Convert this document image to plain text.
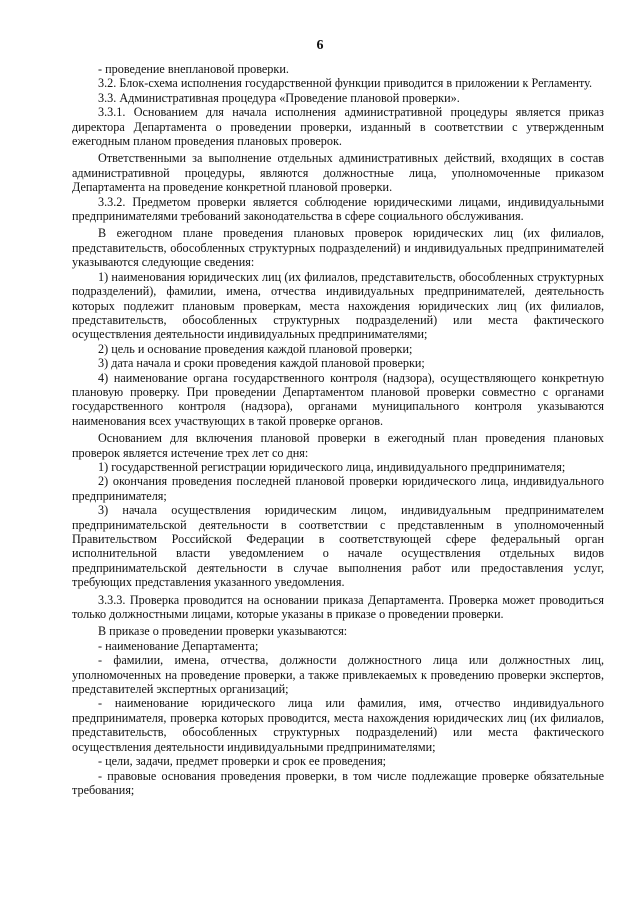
6

- проведение внеплановой проверки.

3.2. Блок-схема исполнения государственной функции приводится в приложении к Регламенту.

3.3. Административная процедура «Проведение плановой проверки».

3.3.1. Основанием для начала исполнения административной процедуры является приказ директора Департамента о проведении проверки, изданный в соответствии с утвержденным ежегодным планом проведения плановых проверок.

Ответственными за выполнение отдельных административных действий, входящих в состав административной процедуры, являются должностные лица, уполномоченные приказом Департамента на проведение конкретной плановой проверки.

3.3.2. Предметом проверки является соблюдение юридическими лицами, индивидуальными предпринимателями требований законодательства в сфере социального обслуживания.

В ежегодном плане проведения плановых проверок юридических лиц (их филиалов, представительств, обособленных структурных подразделений) и индивидуальных предпринимателей указываются следующие сведения:

1) наименования юридических лиц (их филиалов, представительств, обособленных структурных подразделений), фамилии, имена, отчества индивидуальных предпринимателей, деятельность которых подлежит плановым проверкам, места нахождения юридических лиц (их филиалов, представительств, обособленных структурных подразделений) или места фактического осуществления деятельности индивидуальных предпринимателями;

2) цель и основание проведения каждой плановой проверки;

3) дата начала и сроки проведения каждой плановой проверки;

4) наименование органа государственного контроля (надзора), осуществляющего конкретную плановую проверку. При проведении Департаментом плановой проверки совместно с органами государственного контроля (надзора), органами муниципального контроля указываются наименования всех участвующих в такой проверке органов.

Основанием для включения плановой проверки в ежегодный план проведения плановых проверок является истечение трех лет со дня:

1) государственной регистрации юридического лица, индивидуального предпринимателя;

2) окончания проведения последней плановой проверки юридического лица, индивидуального предпринимателя;

3) начала осуществления юридическим лицом, индивидуальным предпринимателем предпринимательской деятельности в соответствии с представленным в уполномоченный Правительством Российской Федерации в соответствующей сфере федеральный орган исполнительной власти уведомлением о начале осуществления отдельных видов предпринимательской деятельности в случае выполнения работ или предоставления услуг, требующих представления указанного уведомления.

3.3.3. Проверка проводится на основании приказа Департамента. Проверка может проводиться только должностными лицами, которые указаны в приказе о проведении проверки.

В приказе о проведении проверки указываются:

- наименование Департамента;

- фамилии, имена, отчества, должности должностного лица или должностных лиц, уполномоченных на проведение проверки, а также привлекаемых к проведению проверки экспертов, представителей экспертных организаций;

- наименование юридического лица или фамилия, имя, отчество индивидуального предпринимателя, проверка которых проводится, места нахождения юридических лиц (их филиалов, представительств, обособленных структурных подразделений) или места фактического осуществления деятельности индивидуальными предпринимателями;

- цели, задачи, предмет проверки и срок ее проведения;

- правовые основания проведения проверки, в том числе подлежащие проверке обязательные требования;
